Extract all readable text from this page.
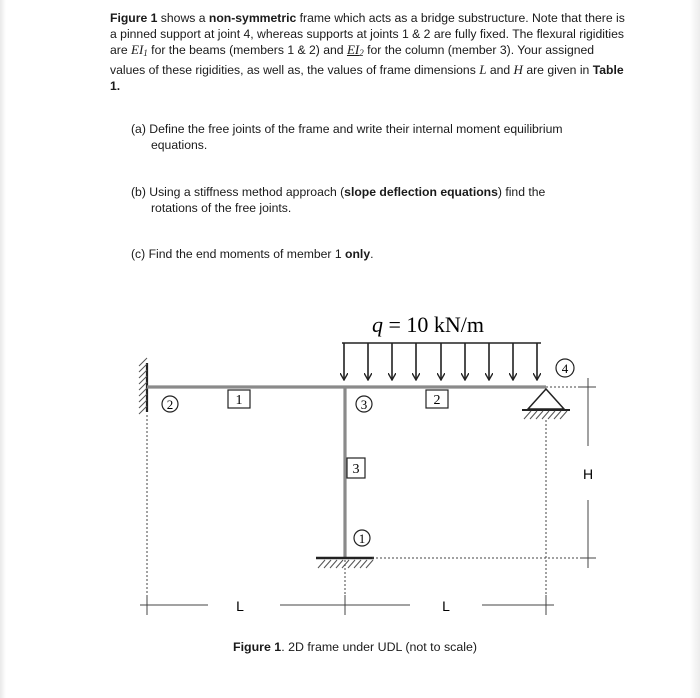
Figure 1 shows a non-symmetric frame which acts as a bridge substructure. Note that there is a pinned support at joint 4, whereas supports at joints 1 & 2 are fully fixed. The flexural rigidities are $EI_1$ for the beams (members 1 & 2) and $EI_2$ for the column (member 3). Your assigned values of these rigidities, as well as, the values of frame dimensions L and H are given in Table 1.

(a) Define the free joints of the frame and write their internal moment equilibrium
equations.

(b) Using a stiffness method approach (slope deflection equations) find the
rotations of the free joints.

(c) Find the end moments of member 1 only.

q = 10 kN/m
L	L
H
2	3
1
4
1	2
3

Figure 1. 2D frame under UDL (not to scale)
